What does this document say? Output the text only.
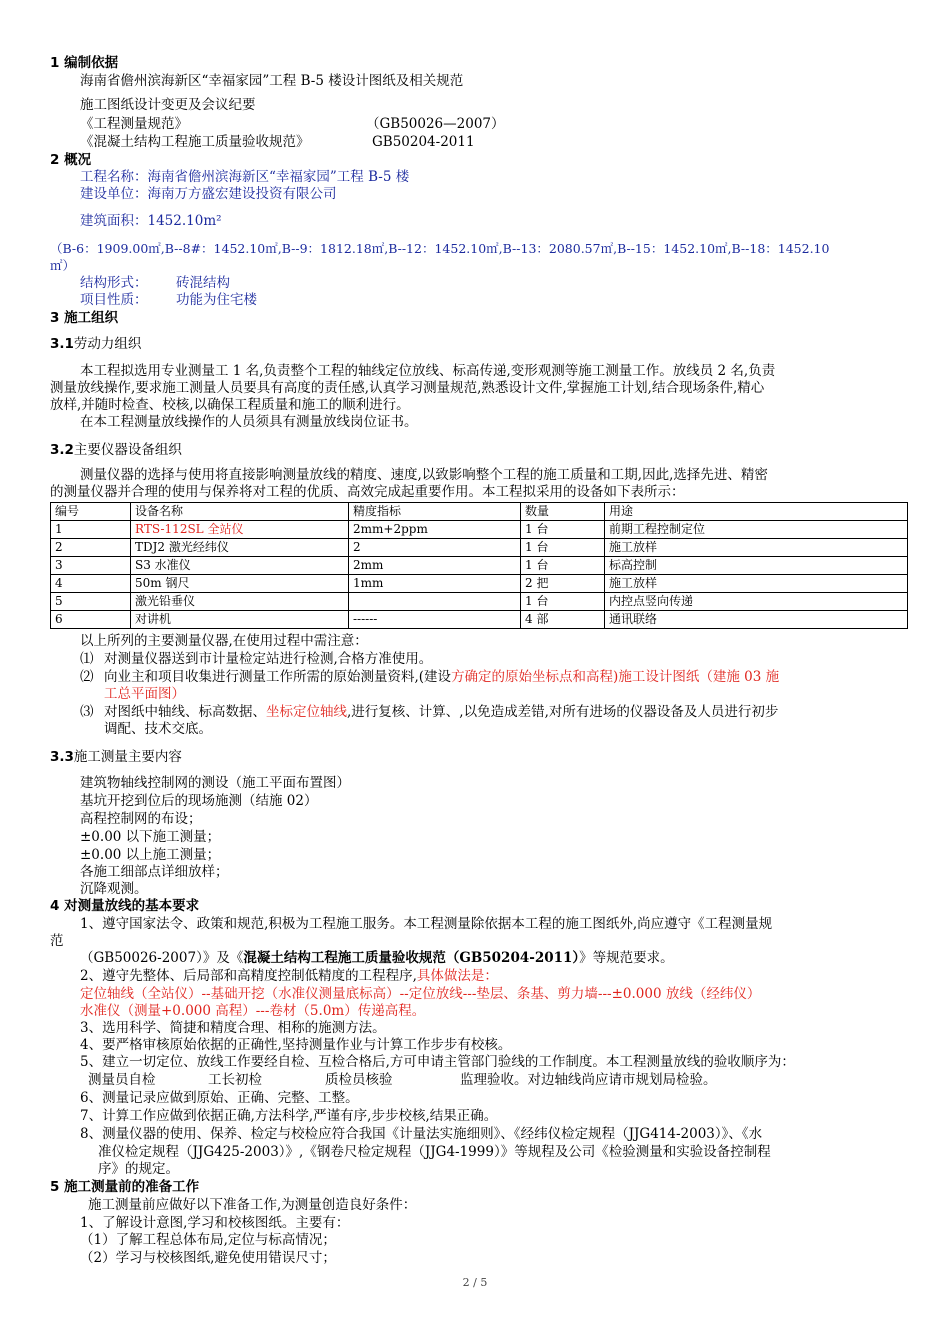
1 编制依据
海南省儋州滨海新区“幸福家园”工程 B-5 楼设计图纸及相关规范
施工图纸设计变更及会议纪要
《工程测量规范》	（GB50026—2007）
《混凝土结构工程施工质量验收规范》	GB50204-2011
2 概况
工程名称：海南省儋州滨海新区“幸福家园”工程 B-5 楼
建设单位：海南万方盛宏建设投资有限公司
建筑面积：1452.10m²
（B-6：1909.00㎡,B--8#：1452.10㎡,B--9：1812.18㎡,B--12：1452.10㎡,B--13：2080.57㎡,B--15：1452.10㎡,B--18：1452.10
㎡）
结构形式： 砖混结构
项目性质： 功能为住宅楼
3 施工组织
3.1劳动力组织
本工程拟选用专业测量工 1 名,负责整个工程的轴线定位放线、标高传递,变形观测等施工测量工作。放线员 2 名,负责
测量放线操作,要求施工测量人员要具有高度的责任感,认真学习测量规范,熟悉设计文件,掌握施工计划,结合现场条件,精心
放样,并随时检查、校核,以确保工程质量和施工的顺利进行。
在本工程测量放线操作的人员须具有测量放线岗位证书。
3.2主要仪器设备组织
测量仪器的选择与使用将直接影响测量放线的精度、速度,以致影响整个工程的施工质量和工期,因此,选择先进、精密
的测量仪器并合理的使用与保养将对工程的优质、高效完成起重要作用。本工程拟采用的设备如下表所示：
编号	设备名称	精度指标	数量	用途
1	RTS-112SL 全站仪	2mm+2ppm	1 台	前期工程控制定位
2	TDJ2 激光经纬仪	2	1 台	施工放样
3	S3 水准仪	2mm	1 台	标高控制
4	50m 钢尺	1mm	2 把	施工放样
5	激光铅垂仪		1 台	内控点竖向传递
6	对讲机	------	4 部	通讯联络
以上所列的主要测量仪器,在使用过程中需注意：
⑴ 对测量仪器送到市计量检定站进行检测,合格方准使用。
⑵ 向业主和项目收集进行测量工作所需的原始测量资料,(建设方确定的原始坐标点和高程)施工设计图纸（建施 03 施
工总平面图）
⑶ 对图纸中轴线、标高数据、坐标定位轴线,进行复核、计算、,以免造成差错,对所有进场的仪器设备及人员进行初步
调配、技术交底。
3.3施工测量主要内容
建筑物轴线控制网的测设（施工平面布置图）
基坑开挖到位后的现场施测（结施 02）
高程控制网的布设；
±0.00 以下施工测量；
±0.00 以上施工测量；
各施工细部点详细放样；
沉降观测。
4 对测量放线的基本要求
1、遵守国家法令、政策和规范,积极为工程施工服务。本工程测量除依据本工程的施工图纸外,尚应遵守《工程测量规
范
（GB50026-2007）》及《混凝土结构工程施工质量验收规范（GB50204-2011）》等规范要求。
2、遵守先整体、后局部和高精度控制低精度的工程程序,具体做法是：
定位轴线（全站仪）--基础开挖（水准仪测量底标高）--定位放线---垫层、条基、剪力墙---±0.000 放线（经纬仪）
水准仪（测量+0.000 高程）---卷材（5.0m）传递高程。
3、选用科学、简捷和精度合理、相称的施测方法。
4、要严格审核原始依据的正确性,坚持测量作业与计算工作步步有校核。
5、建立一切定位、放线工作要经自检、互检合格后,方可申请主管部门验线的工作制度。本工程测量放线的验收顺序为：
测量员自检	工长初检	质检员核验	监理验收。对边轴线尚应请市规划局检验。
6、测量记录应做到原始、正确、完整、工整。
7、计算工作应做到依据正确,方法科学,严谨有序,步步校核,结果正确。
8、测量仪器的使用、保养、检定与校检应符合我国《计量法实施细则》、《经纬仪检定规程（JJG414-2003）》、《水
准仪检定规程（JJG425-2003）》,《钢卷尺检定规程（JJG4-1999）》等规程及公司《检验测量和实验设备控制程
序》的规定。
5 施工测量前的准备工作
施工测量前应做好以下准备工作,为测量创造良好条件：
1、了解设计意图,学习和校核图纸。主要有：
（1）了解工程总体布局,定位与标高情况；
（2）学习与校核图纸,避免使用错误尺寸；
2 / 5
